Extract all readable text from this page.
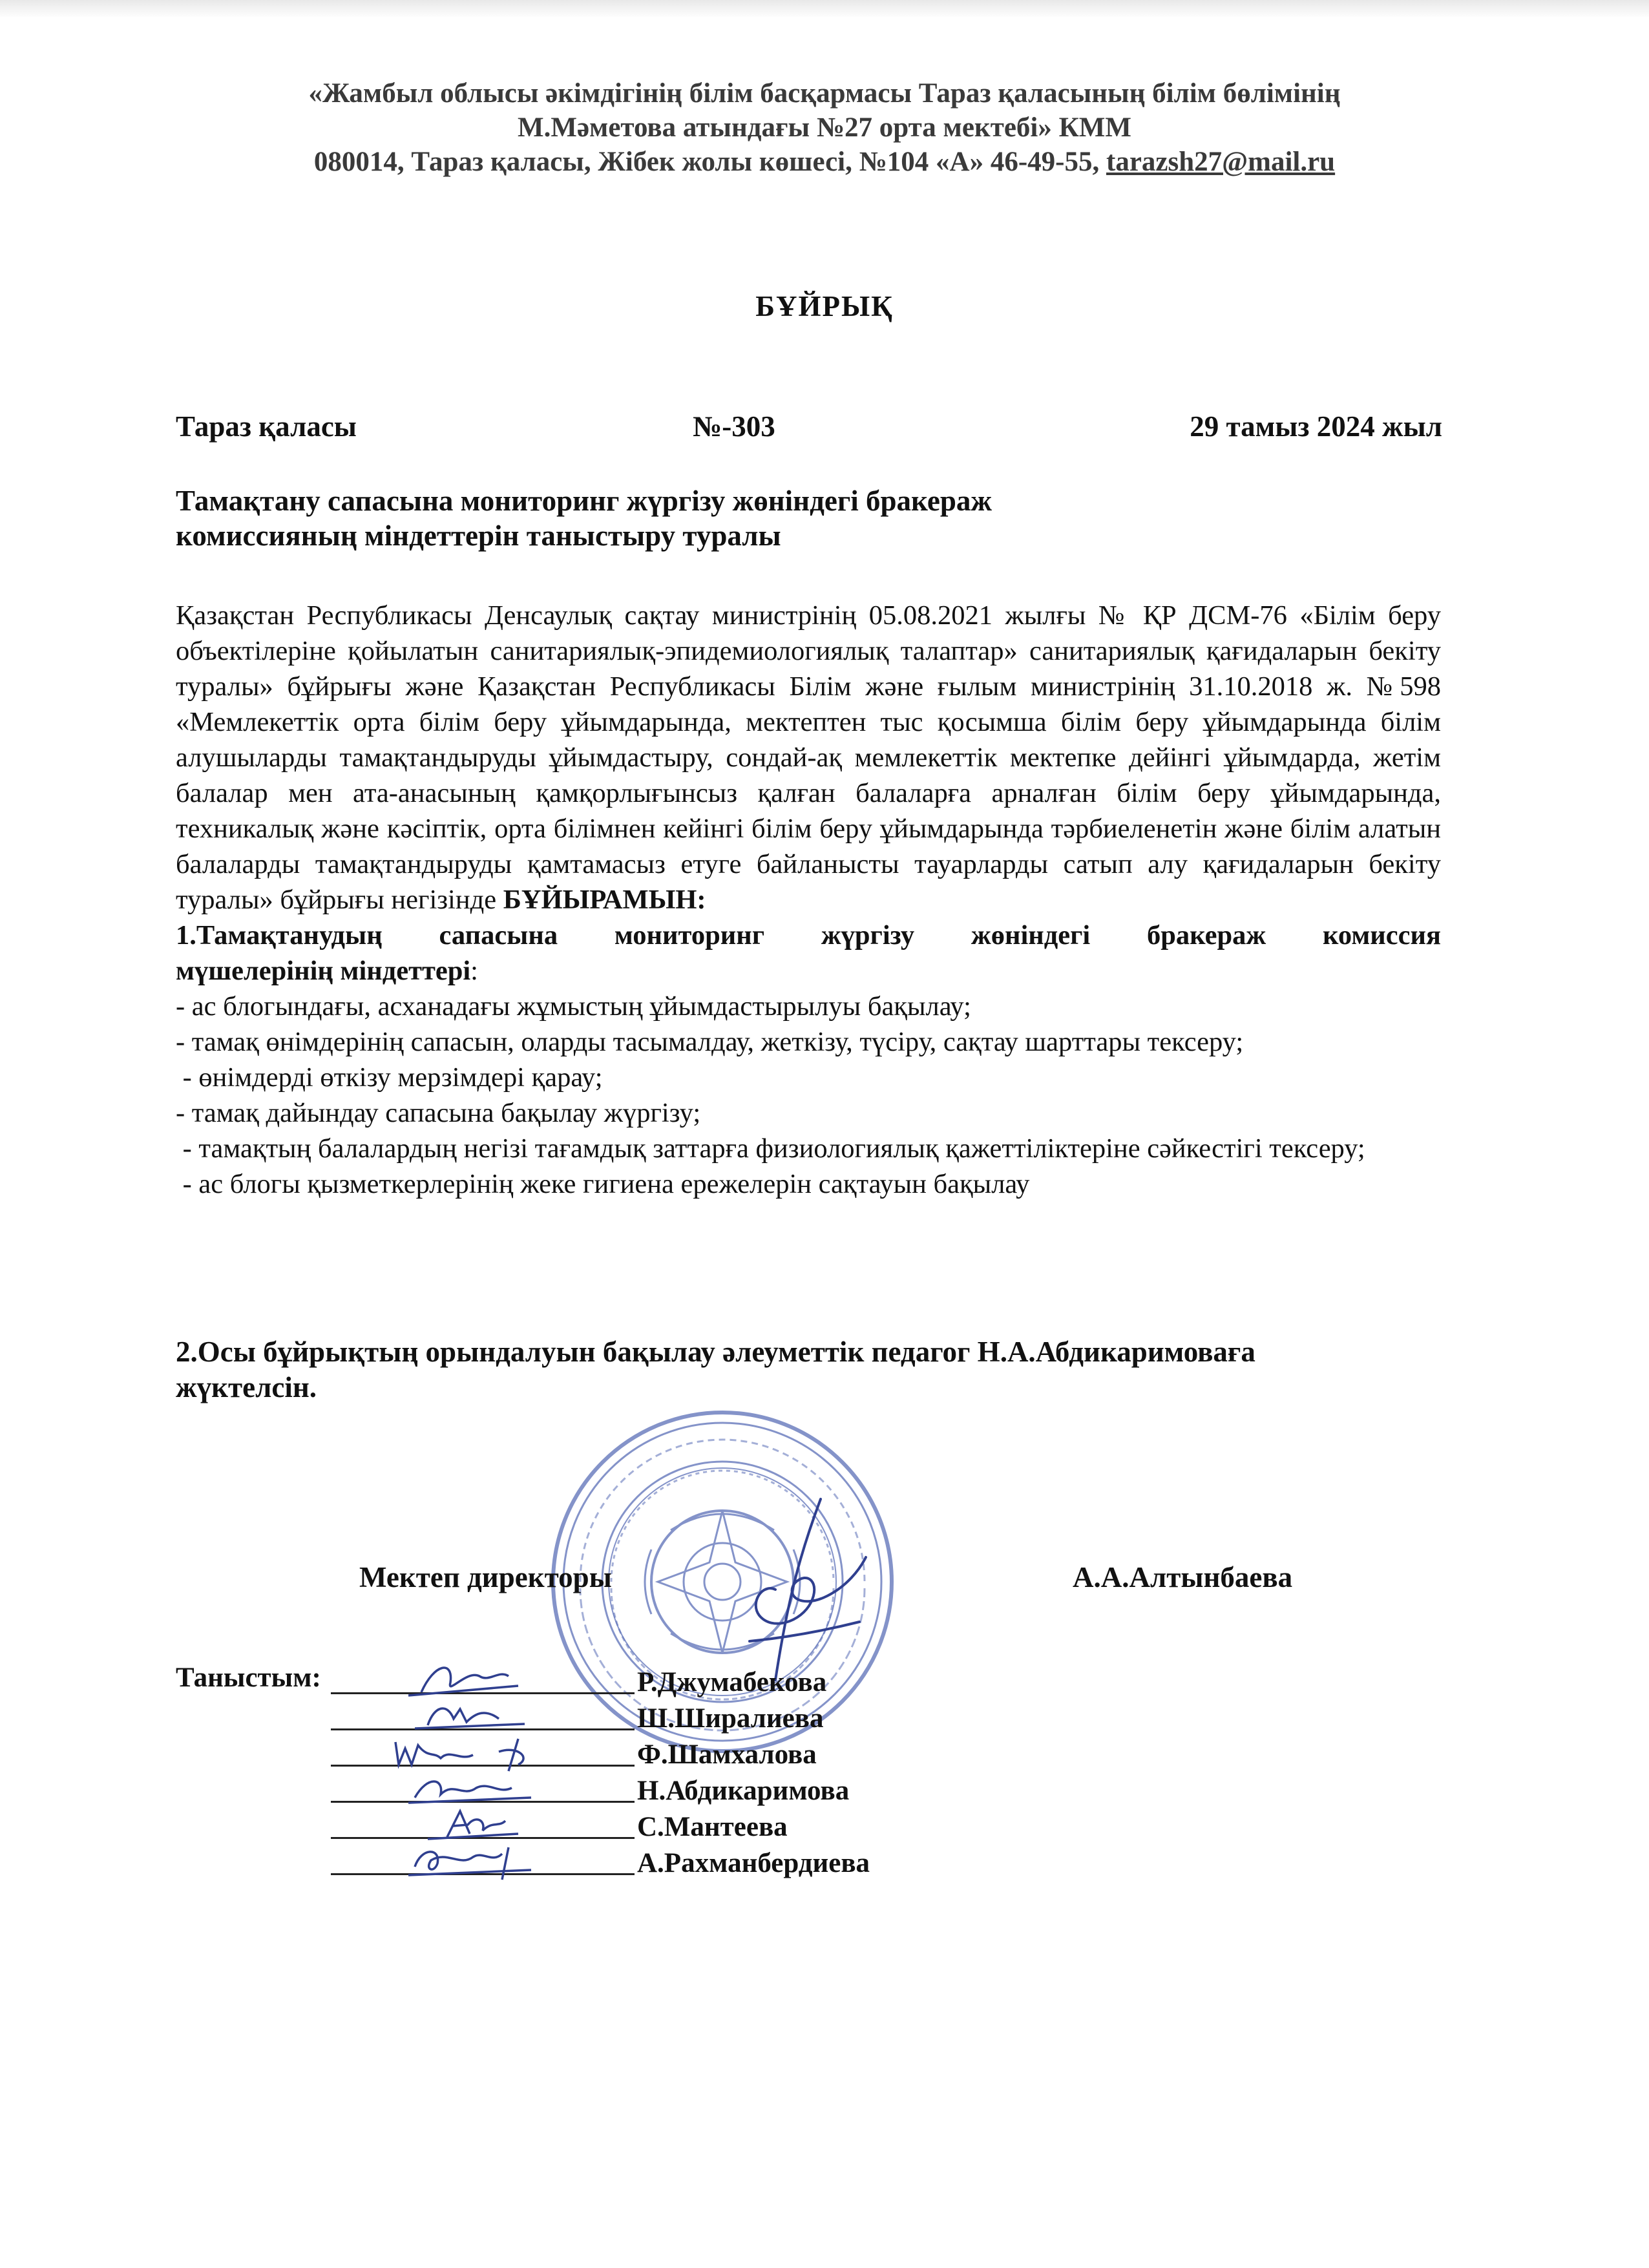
«Жамбыл облысы әкімдігінің білім басқармасы Тараз қаласының білім бөлімінің
М.Мәметова атындағы №27 орта мектебі» КММ
080014, Тараз қаласы, Жібек жолы көшесі, №104 «А» 46-49-55, tarazsh27@mail.ru
БҰЙРЫҚ
Тараз қаласы	№-303	29 тамыз 2024 жыл
Тамақтану сапасына мониторинг жүргізу жөніндегі бракераж
комиссияның міндеттерін таныстыру туралы

Қазақстан Республикасы Денсаулық сақтау министрінің 05.08.2021 жылғы № ҚР ДСМ-76 «Білім беру объектілеріне қойылатын санитариялық-эпидемиологиялық талаптар» санитариялық қағидаларын бекіту туралы» бұйрығы және Қазақстан Республикасы Білім және ғылым министрінің 31.10.2018 ж. №598 «Мемлекеттік орта білім беру ұйымдарында, мектептен тыс қосымша білім беру ұйымдарында білім алушыларды тамақтандыруды ұйымдастыру, сондай-ақ мемлекеттік мектепке дейінгі ұйымдарда, жетім балалар мен ата-анасының қамқорлығынсыз қалған балаларға арналған білім беру ұйымдарында, техникалық және кәсіптік, орта білімнен кейінгі білім беру ұйымдарында тәрбиеленетін және білім алатын балаларды тамақтандыруды қамтамасыз етуге байланысты тауарларды сатып алу қағидаларын бекіту туралы» бұйрығы негізінде БҰЙЫРАМЫН:

1.Тамақтанудың сапасына мониторинг жүргізу жөніндегі бракераж комиссия

мүшелерінің міндеттері:

- ас блогындағы, асханадағы жұмыстың ұйымдастырылуы бақылау;

- тамақ өнімдерінің сапасын, оларды тасымалдау, жеткізу, түсіру, сақтау шарттары тексеру;

- өнімдерді өткізу мерзімдері қарау;

- тамақ дайындау сапасына бақылау жүргізу;

- тамақтың балалардың негізі тағамдық заттарға физиологиялық қажеттіліктеріне сәйкестігі тексеру;

- ас блогы қызметкерлерінің жеке гигиена ережелерін сақтауын бақылау

2.Осы бұйрықтың орындалуын бақылау әлеуметтік педагог Н.А.Абдикаримоваға
жүктелсін.
Мектеп директоры	А.А.Алтынбаева
Таныстым:	Р.Джумабекова
Ш.Ширалиева
Ф.Шамхалова
Н.Абдикаримова
С.Мантеева
А.Рахманбердиева
